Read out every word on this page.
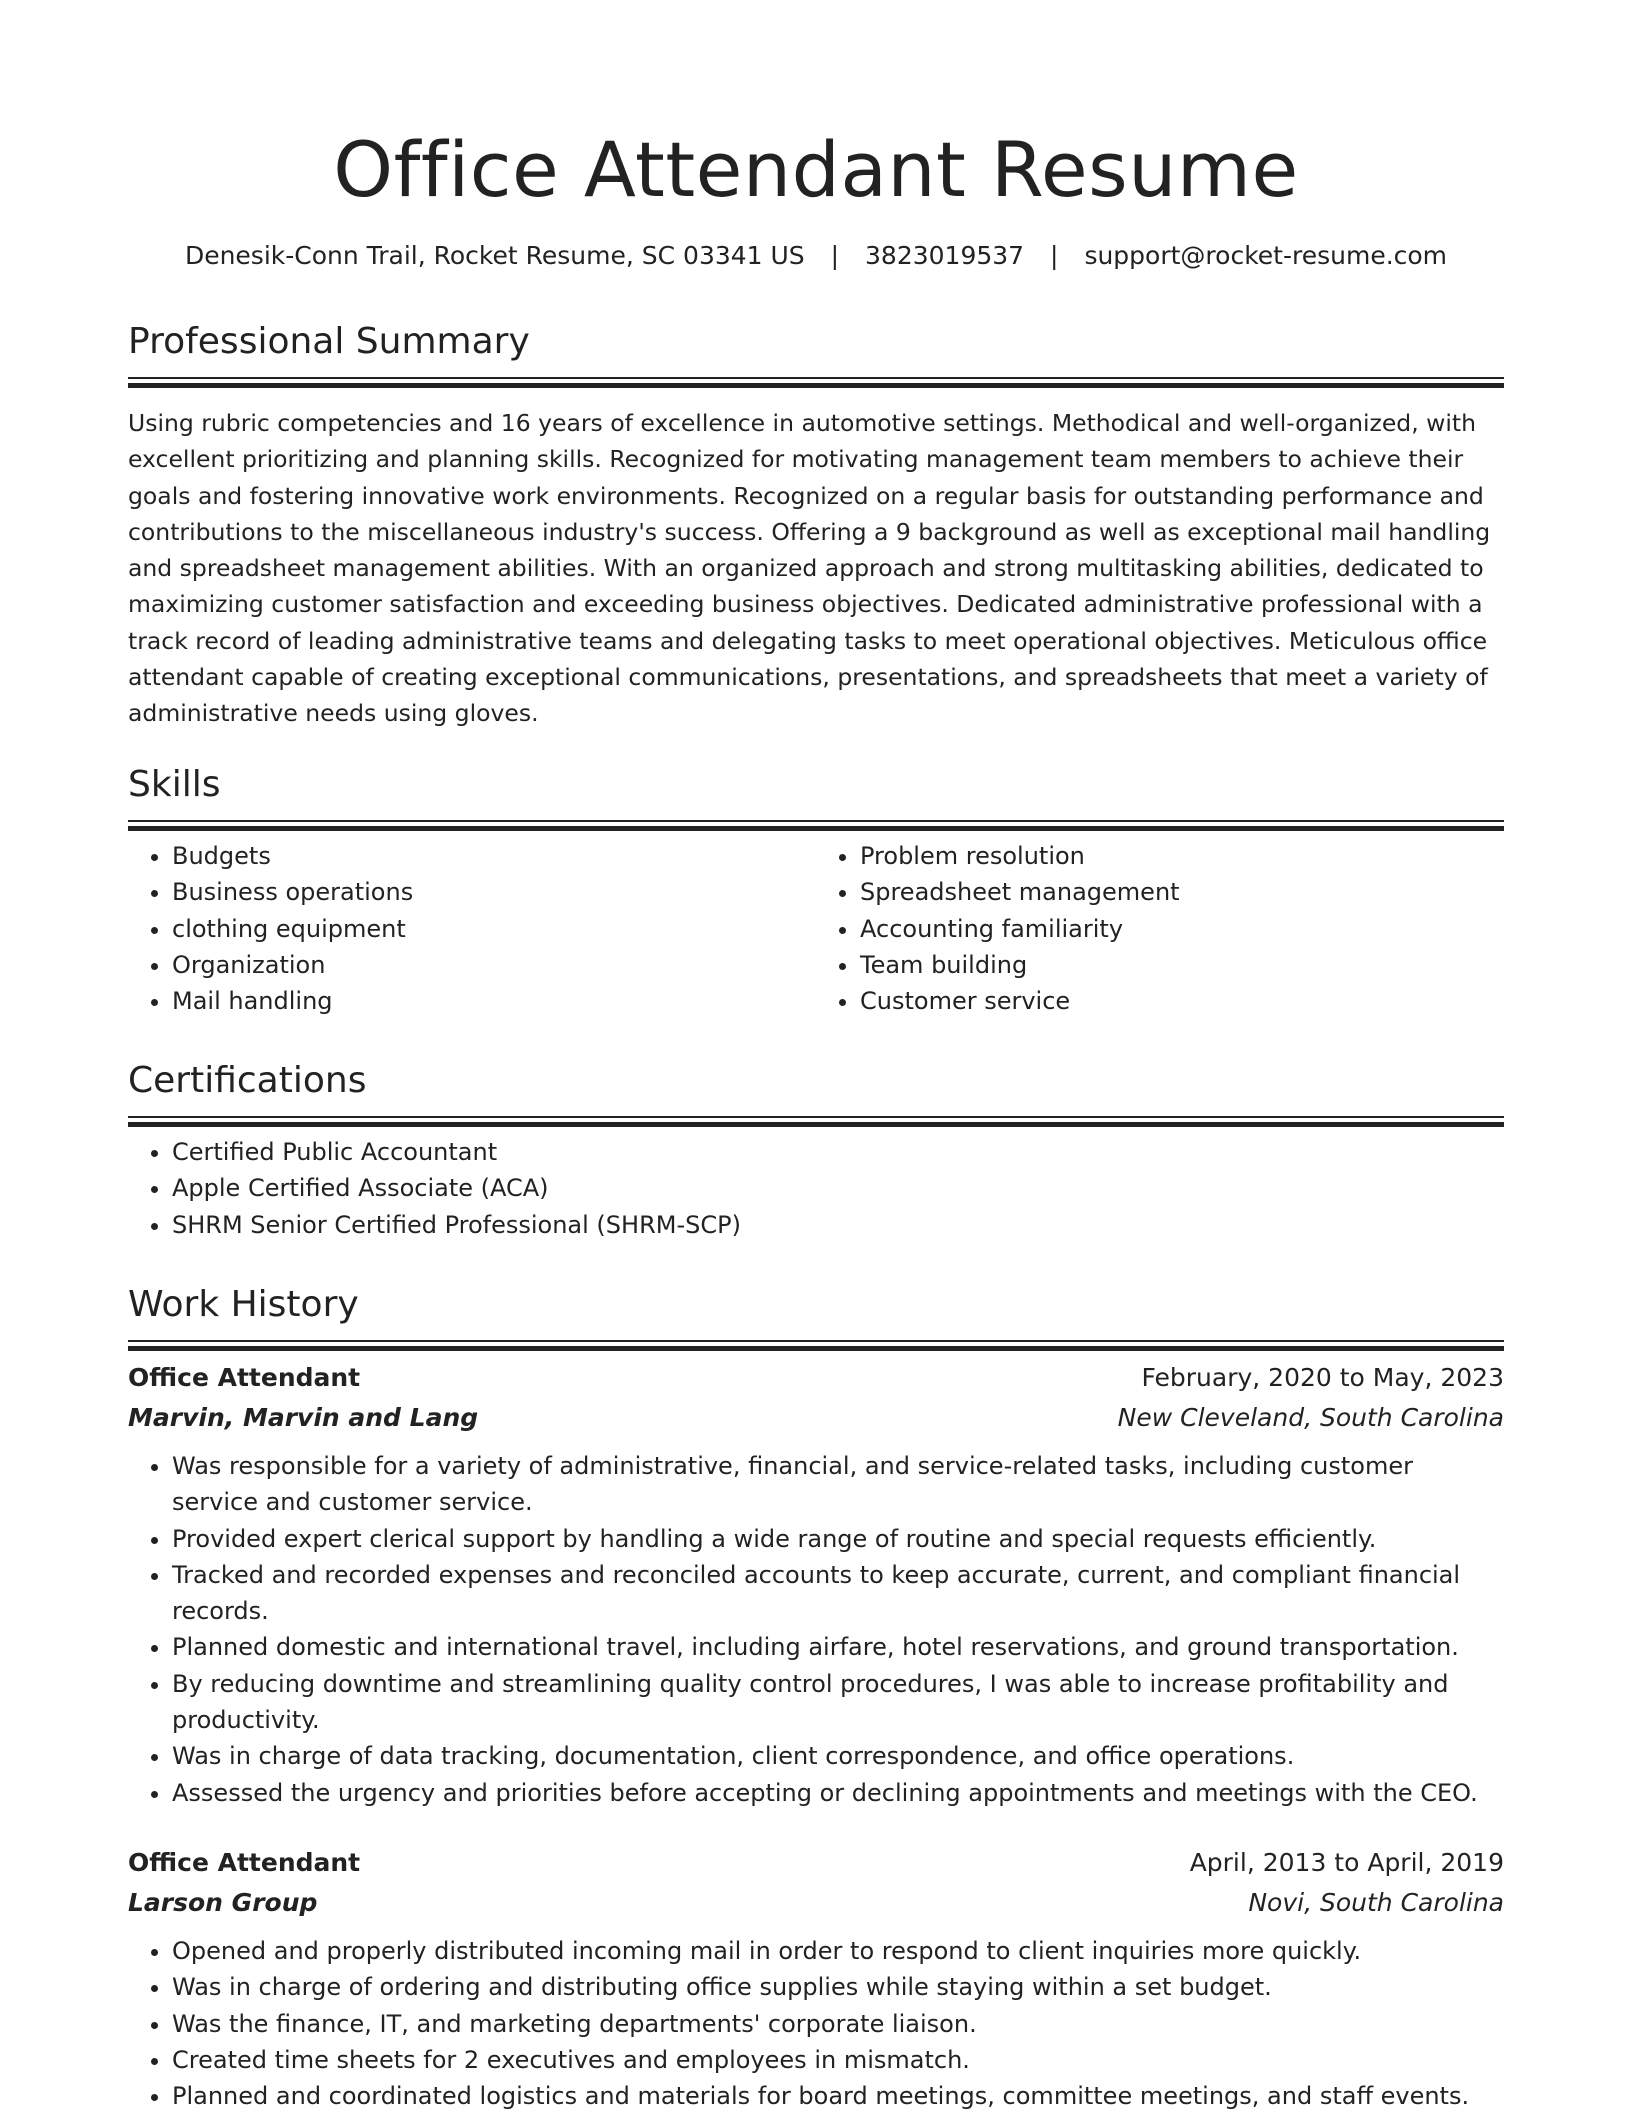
Office Attendant Resume
Denesik-Conn Trail, Rocket Resume, SC 03341 US | 3823019537 | support@rocket-resume.com
Professional Summary

Using rubric competencies and 16 years of excellence in automotive settings. Methodical and well-organized, with excellent prioritizing and planning skills. Recognized for motivating management team members to achieve their goals and fostering innovative work environments. Recognized on a regular basis for outstanding performance and contributions to the miscellaneous industry's success. Offering a 9 background as well as exceptional mail handling and spreadsheet management abilities. With an organized approach and strong multitasking abilities, dedicated to maximizing customer satisfaction and exceeding business objectives. Dedicated administrative professional with a track record of leading administrative teams and delegating tasks to meet operational objectives. Meticulous office attendant capable of creating exceptional communications, presentations, and spreadsheets that meet a variety of administrative needs using gloves.

Skills
• Budgets
• Business operations
• clothing equipment
• Organization
• Mail handling
• Problem resolution
• Spreadsheet management
• Accounting familiarity
• Team building
• Customer service
Certifications
• Certified Public Accountant
• Apple Certified Associate (ACA)
• SHRM Senior Certified Professional (SHRM-SCP)
Work History
Office Attendant	February, 2020 to May, 2023
Marvin, Marvin and Lang	New Cleveland, South Carolina
• Was responsible for a variety of administrative, financial, and service-related tasks, including customer service and customer service.
• Provided expert clerical support by handling a wide range of routine and special requests efficiently.
• Tracked and recorded expenses and reconciled accounts to keep accurate, current, and compliant financial records.
• Planned domestic and international travel, including airfare, hotel reservations, and ground transportation.
• By reducing downtime and streamlining quality control procedures, I was able to increase profitability and productivity.
• Was in charge of data tracking, documentation, client correspondence, and office operations.
• Assessed the urgency and priorities before accepting or declining appointments and meetings with the CEO.
Office Attendant	April, 2013 to April, 2019
Larson Group	Novi, South Carolina
• Opened and properly distributed incoming mail in order to respond to client inquiries more quickly.
• Was in charge of ordering and distributing office supplies while staying within a set budget.
• Was the finance, IT, and marketing departments' corporate liaison.
• Created time sheets for 2 executives and employees in mismatch.
• Planned and coordinated logistics and materials for board meetings, committee meetings, and staff events.
